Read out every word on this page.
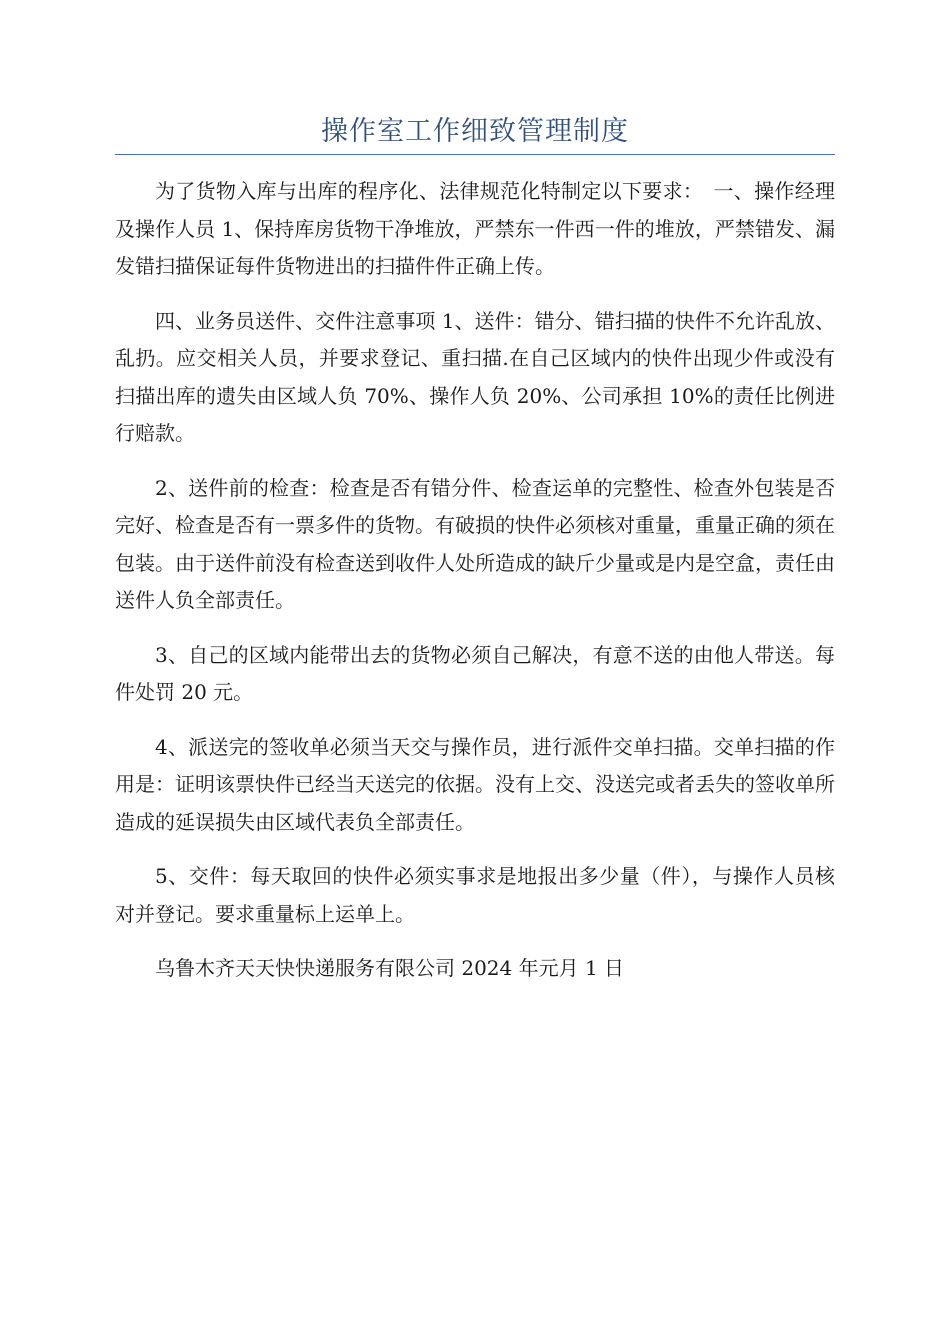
操作室工作细致管理制度

为了货物入库与出库的程序化、法律规范化特制定以下要求：　一、操作经理及操作人员 1、保持库房货物干净堆放，严禁东一件西一件的堆放，严禁错发、漏发错扫描保证每件货物进出的扫描件件正确上传。

四、业务员送件、交件注意事项 1、送件：错分、错扫描的快件不允许乱放、乱扔。应交相关人员，并要求登记、重扫描.在自己区域内的快件出现少件或没有扫描出库的遗失由区域人负 70%、操作人负 20%、公司承担 10%的责任比例进行赔款。

2、送件前的检查：检查是否有错分件、检查运单的完整性、检查外包装是否完好、检查是否有一票多件的货物。有破损的快件必须核对重量，重量正确的须在包装。由于送件前没有检查送到收件人处所造成的缺斤少量或是内是空盒，责任由送件人负全部责任。

3、自己的区域内能带出去的货物必须自己解决，有意不送的由他人带送。每件处罚 20 元。

4、派送完的签收单必须当天交与操作员，进行派件交单扫描。交单扫描的作用是：证明该票快件已经当天送完的依据。没有上交、没送完或者丢失的签收单所造成的延误损失由区域代表负全部责任。

5、交件：每天取回的快件必须实事求是地报出多少量（件），与操作人员核对并登记。要求重量标上运单上。

乌鲁木齐天天快快递服务有限公司 2024 年元月 1 日
